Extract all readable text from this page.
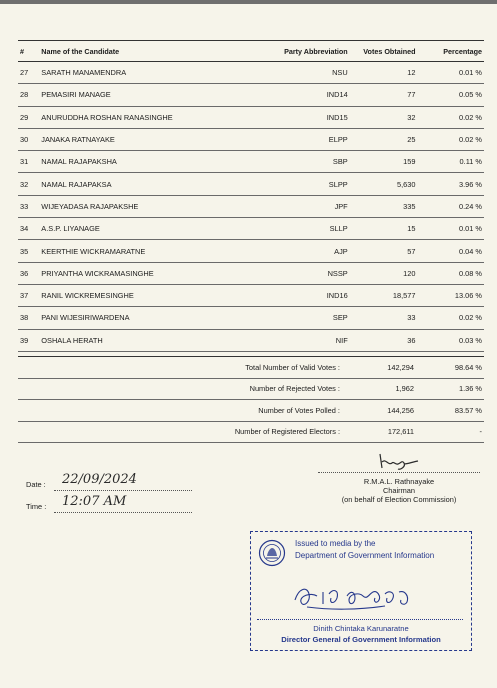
#	Name of the Candidate	Party Abbreviation	Votes Obtained	Percentage
27	SARATH MANAMENDRA	NSU	12	0.01 %
28	PEMASIRI MANAGE	IND14	77	0.05 %
29	ANURUDDHA ROSHAN RANASINGHE	IND15	32	0.02 %
30	JANAKA RATNAYAKE	ELPP	25	0.02 %
31	NAMAL RAJAPAKSHA	SBP	159	0.11 %
32	NAMAL RAJAPAKSA	SLPP	5,630	3.96 %
33	WIJEYADASA RAJAPAKSHE	JPF	335	0.24 %
34	A.S.P. LIYANAGE	SLLP	15	0.01 %
35	KEERTHIE WICKRAMARATNE	AJP	57	0.04 %
36	PRIYANTHA WICKRAMASINGHE	NSSP	120	0.08 %
37	RANIL WICKREMESINGHE	IND16	18,577	13.06 %
38	PANI WIJESIRIWARDENA	SEP	33	0.02 %
39	OSHALA HERATH	NIF	36	0.03 %
Total Number of Valid Votes :	142,294	98.64 %
Number of Rejected Votes :	1,962	1.36 %
Number of Votes Polled :	144,256	83.57 %
Number of Registered Electors :	172,611	-
Date : 22/09/2024
Time : 12:07 AM
R.M.A.L. Rathnayake
Chairman
(on behalf of Election Commission)
Issued to media by the
Department of Government Information
Dinith Chintaka Karunaratne
Director General of Government Information
